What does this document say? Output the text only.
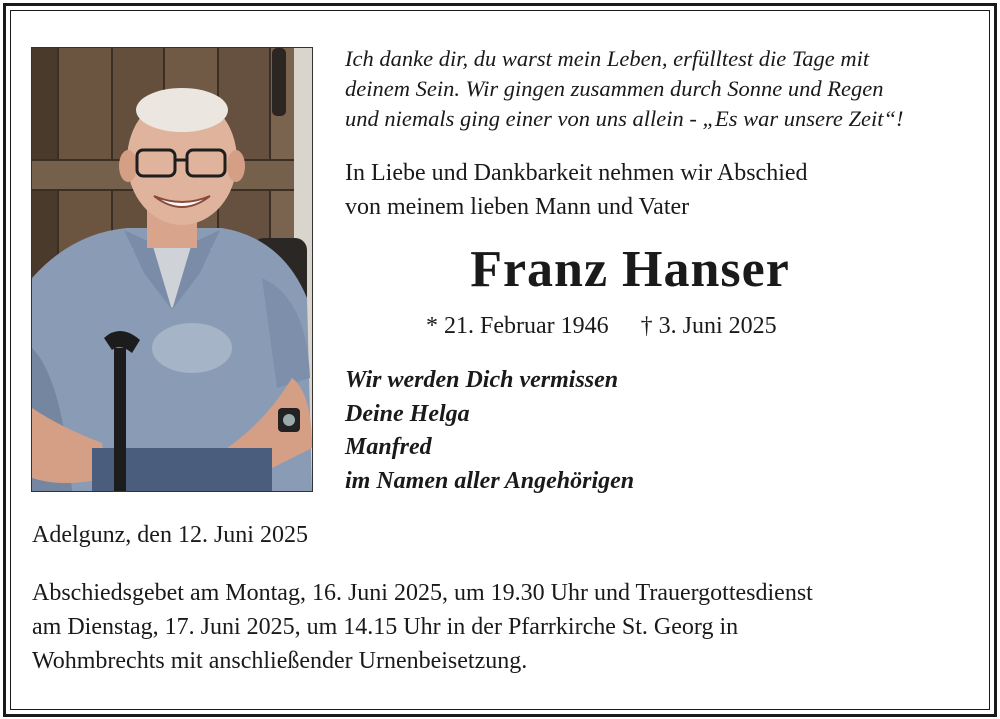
Ich danke dir, du warst mein Leben, erfülltest die Tage mit
deinem Sein. Wir gingen zusammen durch Sonne und Regen
und niemals ging einer von uns allein - „Es war unsere Zeit“!

In Liebe und Dankbarkeit nehmen wir Abschied
von meinem lieben Mann und Vater

Franz Hanser
* 21. Februar 1946 † 3. Juni 2025

Wir werden Dich vermissen
Deine Helga
Manfred
im Namen aller Angehörigen

Adelgunz, den 12. Juni 2025

Abschiedsgebet am Montag, 16. Juni 2025, um 19.30 Uhr und Trauergottesdienst
am Dienstag, 17. Juni 2025, um 14.15 Uhr in der Pfarrkirche St. Georg in
Wohmbrechts mit anschließender Urnenbeisetzung.
